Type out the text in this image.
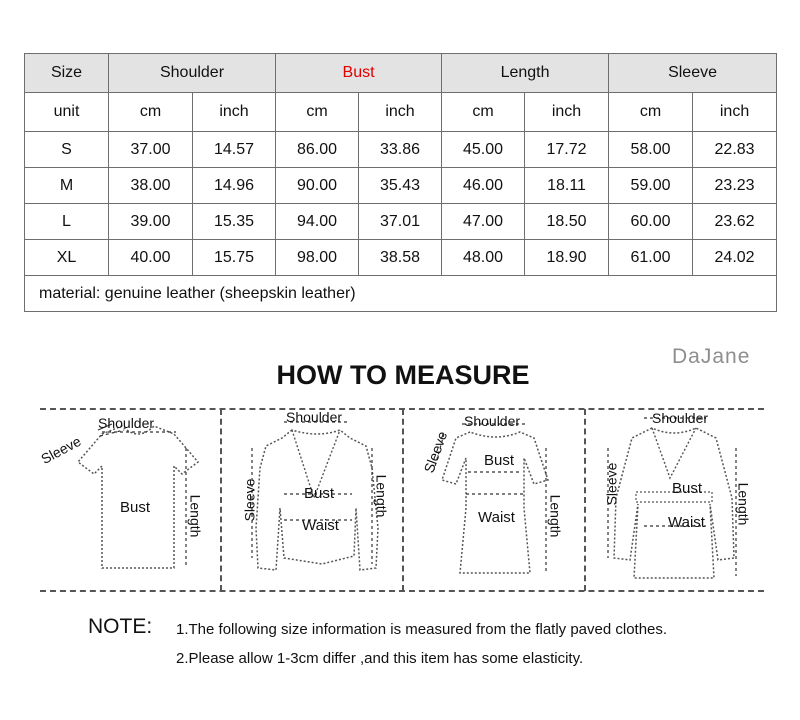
Size	Shoulder		Bust		Length		Sleeve	
unit	cm	inch	cm	inch	cm	inch	cm	inch
S	37.00	14.57	86.00	33.86	45.00	17.72	58.00	22.83
M	38.00	14.96	90.00	35.43	46.00	18.11	59.00	23.23
L	39.00	15.35	94.00	37.01	47.00	18.50	60.00	23.62
XL	40.00	15.75	98.00	38.58	48.00	18.90	61.00	24.02
material: genuine leather (sheepskin leather)								
DaJane
HOW TO MEASURE
Shoulder
Sleeve
Bust	Length
Shoulder
Sleeve	Bust
Waist
Length
Shoulder
Sleeve Bust
Waist Length
Shoulder
Sleeve	Bust
Waist Length
NOTE: 1.The following size information is measured from the flatly paved clothes.
2.Please allow 1-3cm differ ,and this item has some elasticity.
